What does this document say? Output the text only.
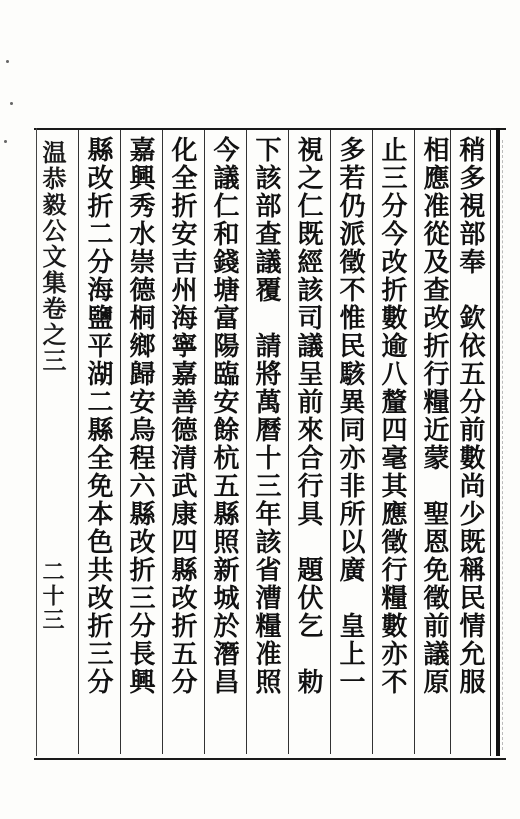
温恭毅公文集卷之三
二十三	稍多視部奉　欽依五分前數尚少既稱民情允服
相應准從及查改折行糧近蒙　聖恩免徵前議原
止三分今改折數逾八釐四毫其應徵行糧數亦不
多若仍派徵不惟民駭異同亦非所以廣　皇上一
視之仁既經該司議呈前來合行具　題伏乞　勅
下該部查議覆　請將萬曆十三年該省漕糧准照
今議仁和錢塘富陽臨安餘杭五縣照新城於潛昌
化全折安吉州海寧嘉善德清武康四縣改折五分
嘉興秀水崇德桐鄉歸安烏程六縣改折三分長興
縣改折二分海鹽平湖二縣全免本色共改折三分
